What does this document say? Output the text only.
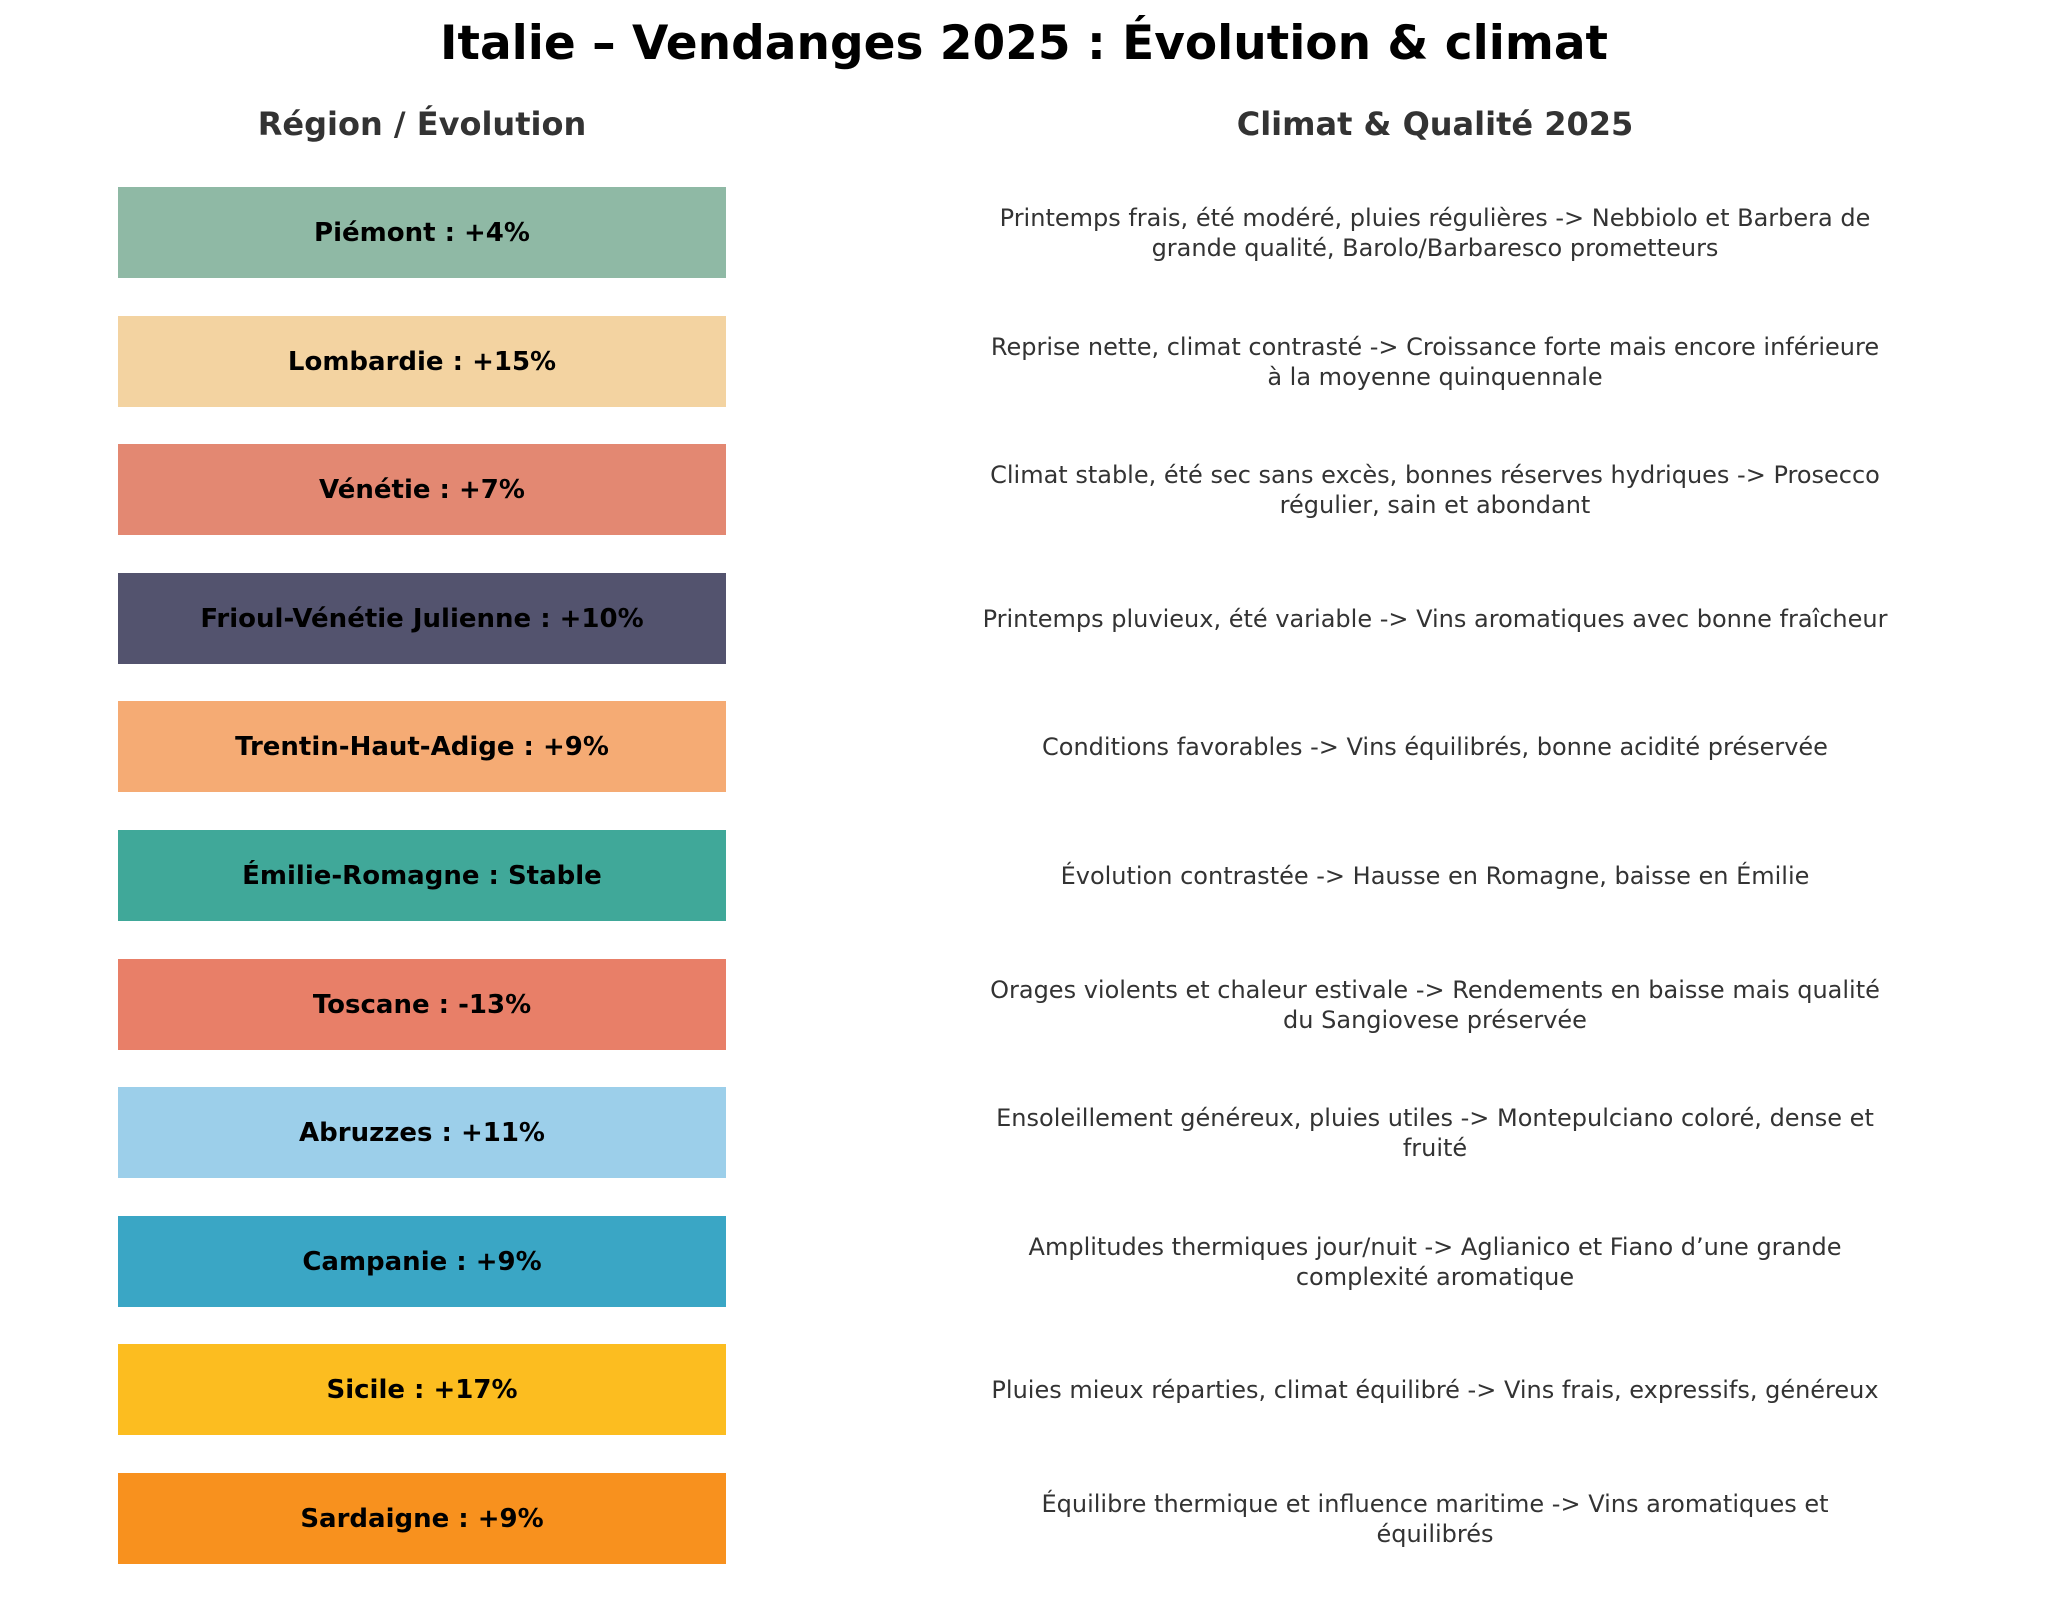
Italie – Vendanges 2025 : Évolution & climat
Région / Évolution	Climat & Qualité 2025
Piémont : +4%	Printemps frais, été modéré, pluies régulières -> Nebbiolo et Barbera de grande qualité, Barolo/Barbaresco prometteurs
Lombardie : +15%	Reprise nette, climat contrasté -> Croissance forte mais encore inférieure à la moyenne quinquennale
Vénétie : +7%	Climat stable, été sec sans excès, bonnes réserves hydriques -> Prosecco régulier, sain et abondant
Frioul-Vénétie Julienne : +10%	Printemps pluvieux, été variable -> Vins aromatiques avec bonne fraîcheur
Trentin-Haut-Adige : +9%	Conditions favorables -> Vins équilibrés, bonne acidité préservée
Émilie-Romagne : Stable	Évolution contrastée -> Hausse en Romagne, baisse en Émilie
Toscane : -13%	Orages violents et chaleur estivale -> Rendements en baisse mais qualité du Sangiovese préservée
Abruzzes : +11%	Ensoleillement généreux, pluies utiles -> Montepulciano coloré, dense et fruité
Campanie : +9%	Amplitudes thermiques jour/nuit -> Aglianico et Fiano d’une grande complexité aromatique
Sicile : +17%	Pluies mieux réparties, climat équilibré -> Vins frais, expressifs, généreux
Sardaigne : +9%	Équilibre thermique et influence maritime -> Vins aromatiques et équilibrés
